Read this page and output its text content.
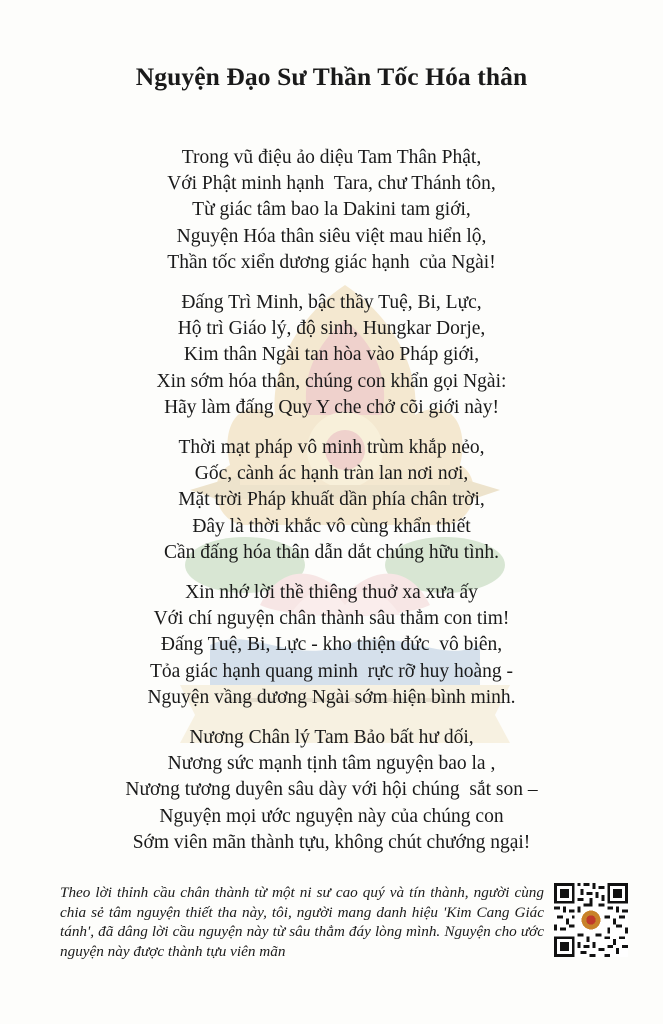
Nguyện Đạo Sư Thần Tốc Hóa thân
Trong vũ điệu ảo diệu Tam Thân Phật,
Với Phật minh hạnh  Tara, chư Thánh tôn,
Từ giác tâm bao la Dakini tam giới,
Nguyện Hóa thân siêu việt mau hiển lộ,
Thần tốc xiển dương giác hạnh  của Ngài!
Đấng Trì Minh, bậc thầy Tuệ, Bi, Lực,
Hộ trì Giáo lý, độ sinh, Hungkar Dorje,
Kim thân Ngài tan hòa vào Pháp giới,
Xin sớm hóa thân, chúng con khẩn gọi Ngài:
Hãy làm đấng Quy Y che chở cõi giới này!
Thời mạt pháp vô minh trùm khắp nẻo,
Gốc, cành ác hạnh tràn lan nơi nơi,
Mặt trời Pháp khuất dần phía chân trời,
Đây là thời khắc vô cùng khẩn thiết
Cần đấng hóa thân dẫn dắt chúng hữu tình.
Xin nhớ lời thề thiêng thuở xa xưa ấy
Với chí nguyện chân thành sâu thẳm con tim!
Đấng Tuệ, Bi, Lực - kho thiện đức  vô biên,
Tỏa giác hạnh quang minh  rực rỡ huy hoàng -
Nguyện vầng dương Ngài sớm hiện bình minh.
Nương Chân lý Tam Bảo bất hư dối,
Nương sức mạnh tịnh tâm nguyện bao la ,
Nương tương duyên sâu dày với hội chúng  sắt son –
Nguyện mọi ước nguyện này của chúng con
Sớm viên mãn thành tựu, không chút chướng ngại!
Theo lời thỉnh cầu chân thành từ một ni sư cao quý và tín thành, người cùng chia sẻ tâm nguyện thiết tha này, tôi, người mang danh hiệu 'Kim Cang Giác tánh', đã dâng lời cầu nguyện này từ sâu thẳm đáy lòng mình. Nguyện cho ước nguyện này được thành tựu viên mãn
